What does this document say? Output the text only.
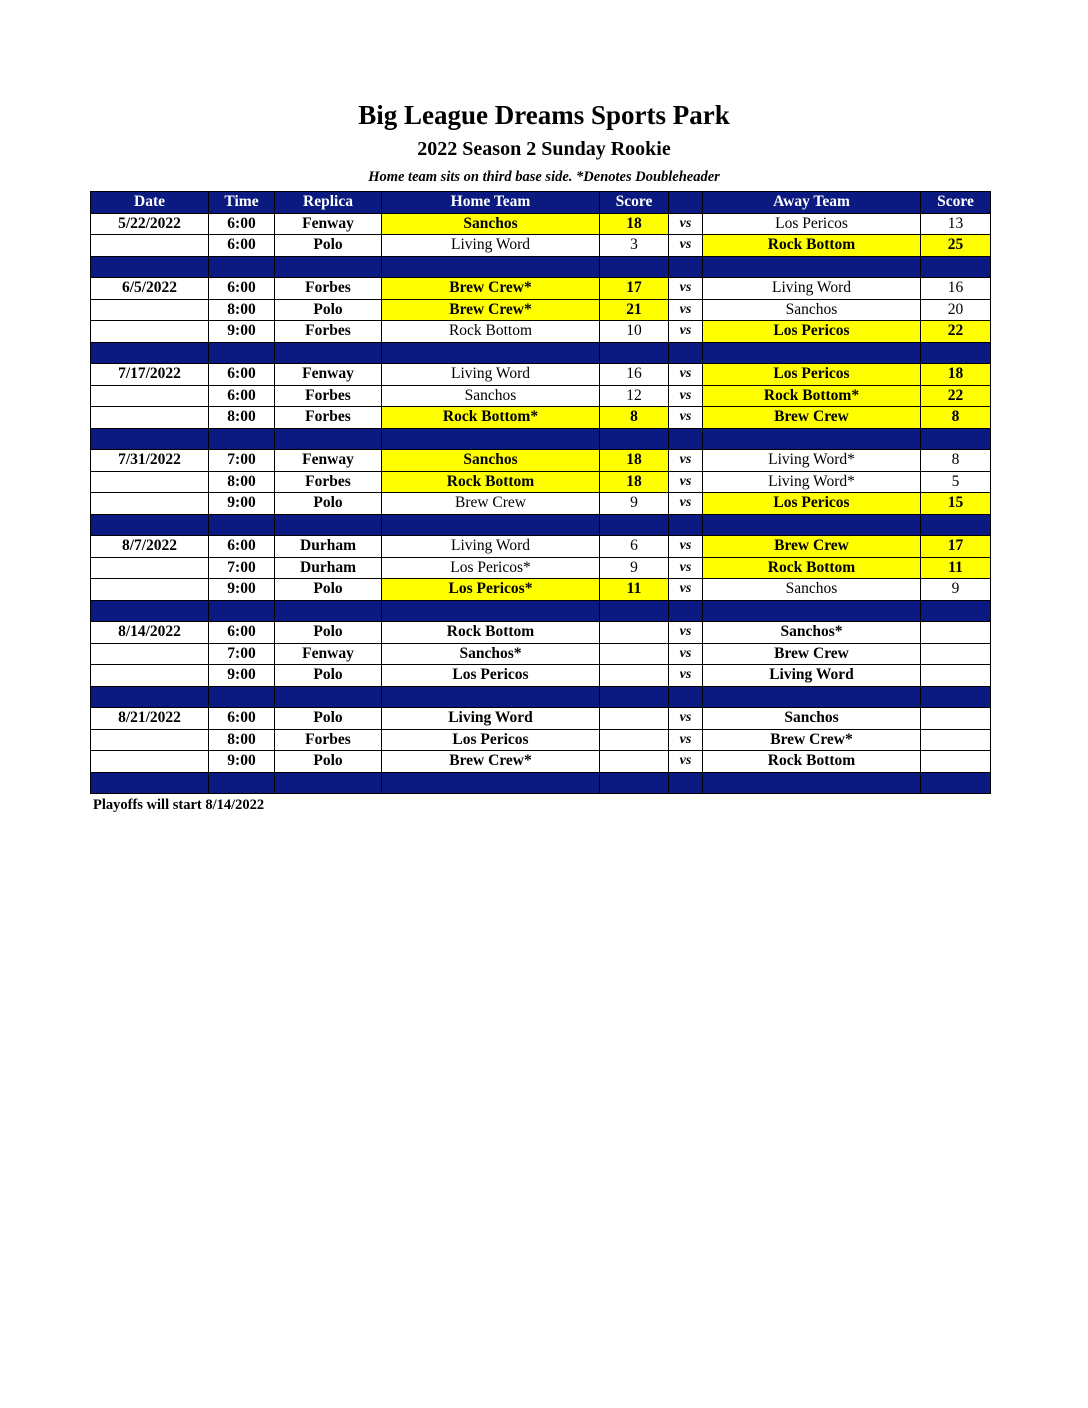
Big League Dreams Sports Park
2022 Season 2 Sunday Rookie
Home team sits on third base side. *Denotes Doubleheader
Date	Time	Replica	Home Team	Score		Away Team	Score
5/22/2022	6:00	Fenway	Sanchos	18	vs	Los Pericos	13
	6:00	Polo	Living Word	3	vs	Rock Bottom	25

6/5/2022	6:00	Forbes	Brew Crew*	17	vs	Living Word	16
	8:00	Polo	Brew Crew*	21	vs	Sanchos	20
	9:00	Forbes	Rock Bottom	10	vs	Los Pericos	22

7/17/2022	6:00	Fenway	Living Word	16	vs	Los Pericos	18
	6:00	Forbes	Sanchos	12	vs	Rock Bottom*	22
	8:00	Forbes	Rock Bottom*	8	vs	Brew Crew	8

7/31/2022	7:00	Fenway	Sanchos	18	vs	Living Word*	8
	8:00	Forbes	Rock Bottom	18	vs	Living Word*	5
	9:00	Polo	Brew Crew	9	vs	Los Pericos	15

8/7/2022	6:00	Durham	Living Word	6	vs	Brew Crew	17
	7:00	Durham	Los Pericos*	9	vs	Rock Bottom	11
	9:00	Polo	Los Pericos*	11	vs	Sanchos	9

8/14/2022	6:00	Polo	Rock Bottom		vs	Sanchos*	
	7:00	Fenway	Sanchos*		vs	Brew Crew	
	9:00	Polo	Los Pericos		vs	Living Word	

8/21/2022	6:00	Polo	Living Word		vs	Sanchos	
	8:00	Forbes	Los Pericos		vs	Brew Crew*	
	9:00	Polo	Brew Crew*		vs	Rock Bottom	

Playoffs will start 8/14/2022
